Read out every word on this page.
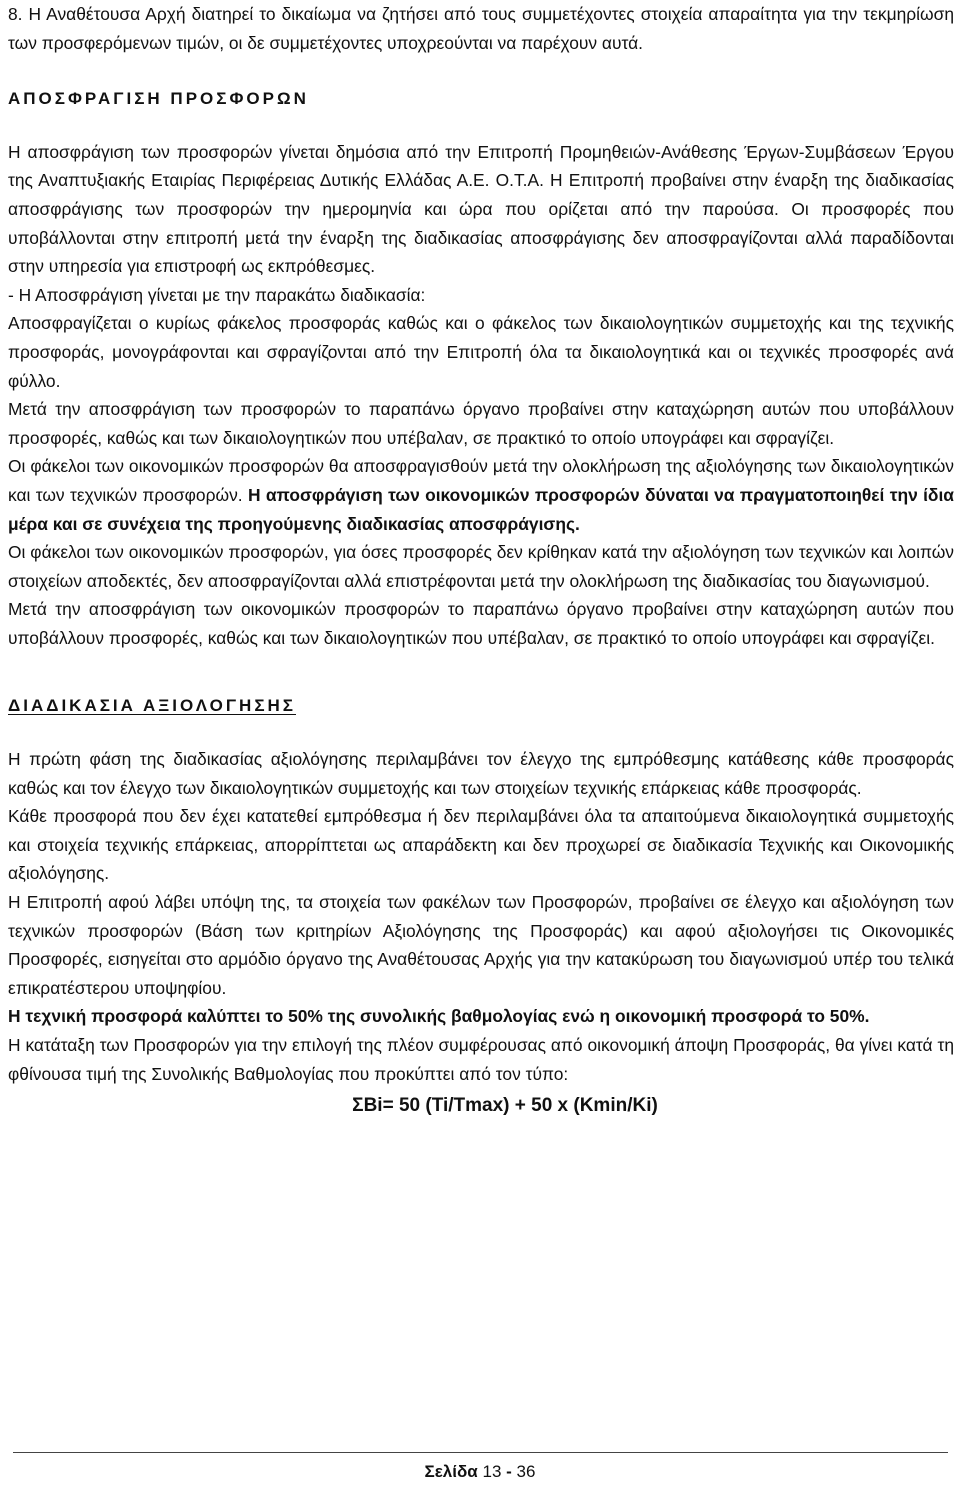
8. Η Αναθέτουσα Αρχή διατηρεί το δικαίωμα να ζητήσει από τους συμμετέχοντες στοιχεία απαραίτητα για την τεκμηρίωση των προσφερόμενων τιμών, οι δε συμμετέχοντες υποχρεούνται να παρέχουν αυτά.

ΑΠΟΣΦΡΑΓΙΣΗ ΠΡΟΣΦΟΡΩΝ

Η αποσφράγιση των προσφορών γίνεται δημόσια από την Επιτροπή Προμηθειών-Ανάθεσης Έργων-Συμβάσεων Έργου της Αναπτυξιακής Εταιρίας Περιφέρειας Δυτικής Ελλάδας Α.Ε. Ο.Τ.Α. Η Επιτροπή προβαίνει στην έναρξη της διαδικασίας αποσφράγισης των προσφορών την ημερομηνία και ώρα που ορίζεται από την παρούσα. Οι προσφορές που υποβάλλονται στην επιτροπή μετά την έναρξη της διαδικασίας αποσφράγισης δεν αποσφραγίζονται αλλά παραδίδονται στην υπηρεσία για επιστροφή ως εκπρόθεσμες.

- Η Αποσφράγιση γίνεται με την παρακάτω διαδικασία:

Αποσφραγίζεται ο κυρίως φάκελος προσφοράς καθώς και ο φάκελος των δικαιολογητικών συμμετοχής και της τεχνικής προσφοράς, μονογράφονται και σφραγίζονται από την Επιτροπή όλα τα δικαιολογητικά και οι τεχνικές προσφορές ανά φύλλο.

Μετά την αποσφράγιση των προσφορών το παραπάνω όργανο προβαίνει στην καταχώρηση αυτών που υποβάλλουν προσφορές, καθώς και των δικαιολογητικών που υπέβαλαν, σε πρακτικό το οποίο υπογράφει και σφραγίζει.

Οι φάκελοι των οικονομικών προσφορών θα αποσφραγισθούν μετά την ολοκλήρωση της αξιολόγησης των δικαιολογητικών και των τεχνικών προσφορών. Η αποσφράγιση των οικονομικών προσφορών δύναται να πραγματοποιηθεί την ίδια μέρα και σε συνέχεια της προηγούμενης διαδικασίας αποσφράγισης.

Οι φάκελοι των οικονομικών προσφορών, για όσες προσφορές δεν κρίθηκαν κατά την αξιολόγηση των τεχνικών και λοιπών στοιχείων αποδεκτές, δεν αποσφραγίζονται αλλά επιστρέφονται μετά την ολοκλήρωση της διαδικασίας του διαγωνισμού.

Μετά την αποσφράγιση των οικονομικών προσφορών το παραπάνω όργανο προβαίνει στην καταχώρηση αυτών που υποβάλλουν προσφορές, καθώς και των δικαιολογητικών που υπέβαλαν, σε πρακτικό το οποίο υπογράφει και σφραγίζει.

ΔΙΑΔΙΚΑΣΙΑ ΑΞΙΟΛΟΓΗΣΗΣ

Η πρώτη φάση της διαδικασίας αξιολόγησης περιλαμβάνει τον έλεγχο της εμπρόθεσμης κατάθεσης κάθε προσφοράς καθώς και τον έλεγχο των δικαιολογητικών συμμετοχής και των στοιχείων τεχνικής επάρκειας κάθε προσφοράς.

Κάθε προσφορά που δεν έχει κατατεθεί εμπρόθεσμα ή δεν περιλαμβάνει όλα τα απαιτούμενα δικαιολογητικά συμμετοχής και στοιχεία τεχνικής επάρκειας, απορρίπτεται ως απαράδεκτη και δεν προχωρεί σε διαδικασία Τεχνικής και Οικονομικής αξιολόγησης.

Η Επιτροπή αφού λάβει υπόψη της, τα στοιχεία των φακέλων των Προσφορών, προβαίνει σε έλεγχο και αξιολόγηση των τεχνικών προσφορών (Βάση των κριτηρίων Αξιολόγησης της Προσφοράς) και αφού αξιολογήσει τις Οικονομικές Προσφορές, εισηγείται στο αρμόδιο όργανο της Αναθέτουσας Αρχής για την κατακύρωση του διαγωνισμού υπέρ του τελικά επικρατέστερου υποψηφίου.

Η τεχνική προσφορά καλύπτει το 50% της συνολικής βαθμολογίας ενώ η οικονομική προσφορά το 50%.

Η κατάταξη των Προσφορών για την επιλογή της πλέον συμφέρουσας από οικονομική άποψη Προσφοράς, θα γίνει κατά τη φθίνουσα τιμή της Συνολικής Βαθμολογίας που προκύπτει από τον τύπο:

ΣΒi= 50 (Ti/Tmax) + 50 x (Kmin/Ki)

Σελίδα 13 - 36
